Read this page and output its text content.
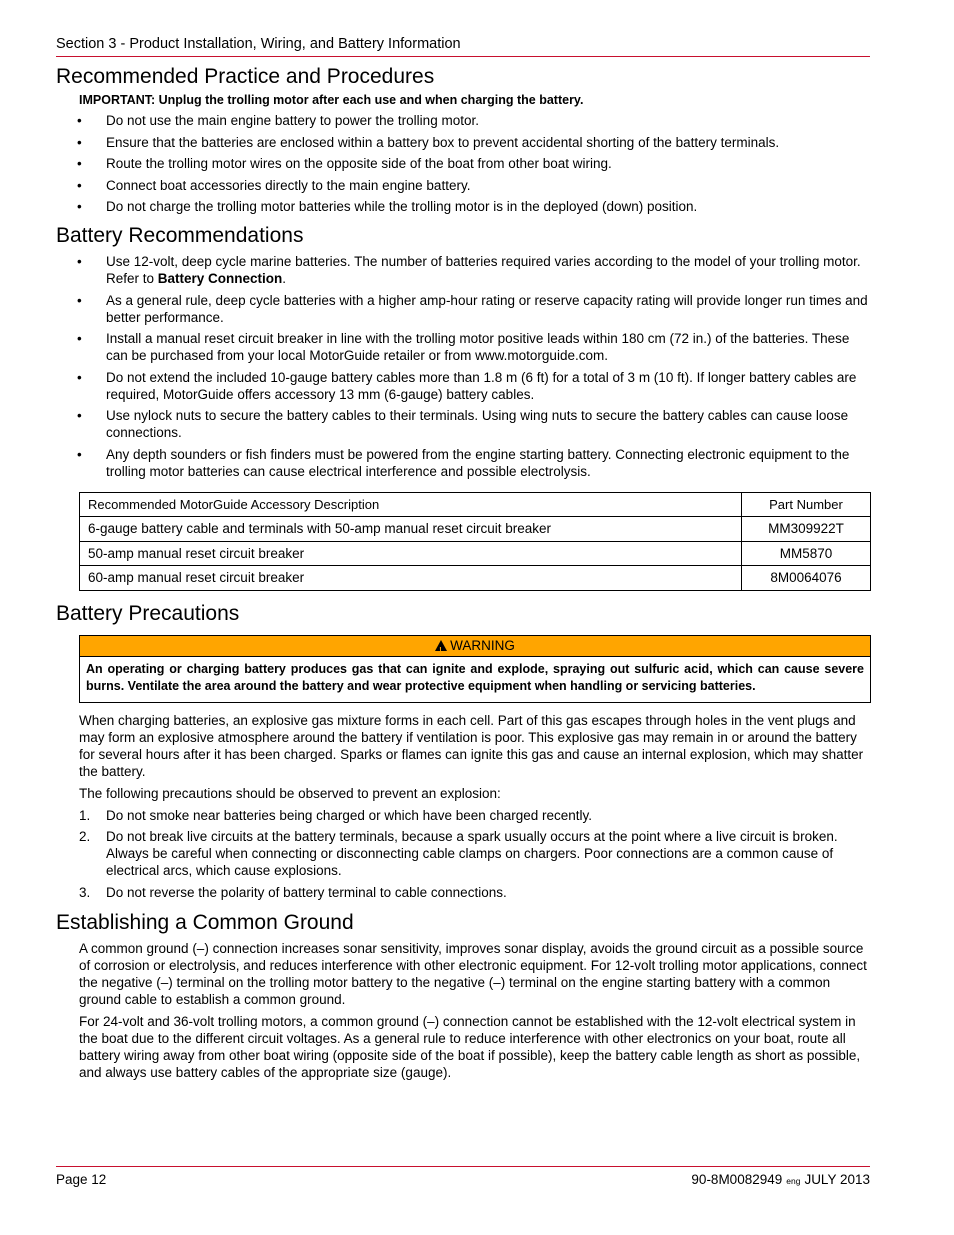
Section 3 - Product Installation, Wiring, and Battery Information
Recommended Practice and Procedures
IMPORTANT: Unplug the trolling motor after each use and when charging the battery.
• Do not use the main engine battery to power the trolling motor.
• Ensure that the batteries are enclosed within a battery box to prevent accidental shorting of the battery terminals.
• Route the trolling motor wires on the opposite side of the boat from other boat wiring.
• Connect boat accessories directly to the main engine battery.
• Do not charge the trolling motor batteries while the trolling motor is in the deployed (down) position.
Battery Recommendations
• Use 12‑volt, deep cycle marine batteries. The number of batteries required varies according to the model of your trolling motor. Refer to Battery Connection.
• As a general rule, deep cycle batteries with a higher amp‑hour rating or reserve capacity rating will provide longer run times and better performance.
• Install a manual reset circuit breaker in line with the trolling motor positive leads within 180 cm (72 in.) of the batteries. These can be purchased from your local MotorGuide retailer or from www.motorguide.com.
• Do not extend the included 10‑gauge battery cables more than 1.8 m (6 ft) for a total of 3 m (10 ft). If longer battery cables are required, MotorGuide offers accessory 13 mm (6‑gauge) battery cables.
• Use nylock nuts to secure the battery cables to their terminals. Using wing nuts to secure the battery cables can cause loose connections.
• Any depth sounders or fish finders must be powered from the engine starting battery. Connecting electronic equipment to the trolling motor batteries can cause electrical interference and possible electrolysis.
Recommended MotorGuide Accessory Description	Part Number
6‑gauge battery cable and terminals with 50‑amp manual reset circuit breaker	MM309922T
50‑amp manual reset circuit breaker	MM5870
60‑amp manual reset circuit breaker	8M0064076
Battery Precautions
!WARNING
An operating or charging battery produces gas that can ignite and explode, spraying out sulfuric acid, which can cause severe burns. Ventilate the area around the battery and wear protective equipment when handling or servicing batteries.

When charging batteries, an explosive gas mixture forms in each cell. Part of this gas escapes through holes in the vent plugs and may form an explosive atmosphere around the battery if ventilation is poor. This explosive gas may remain in or around the battery for several hours after it has been charged. Sparks or flames can ignite this gas and cause an internal explosion, which may shatter the battery.

The following precautions should be observed to prevent an explosion:

1. Do not smoke near batteries being charged or which have been charged recently.
2. Do not break live circuits at the battery terminals, because a spark usually occurs at the point where a live circuit is broken. Always be careful when connecting or disconnecting cable clamps on chargers. Poor connections are a common cause of electrical arcs, which cause explosions.
3. Do not reverse the polarity of battery terminal to cable connections.
Establishing a Common Ground

A common ground (–) connection increases sonar sensitivity, improves sonar display, avoids the ground circuit as a possible source of corrosion or electrolysis, and reduces interference with other electronic equipment. For 12‑volt trolling motor applications, connect the negative (–) terminal on the trolling motor battery to the negative (–) terminal on the engine starting battery with a common ground cable to establish a common ground.

For 24‑volt and 36‑volt trolling motors, a common ground (–) connection cannot be established with the 12‑volt electrical system in the boat due to the different circuit voltages. As a general rule to reduce interference with other electronics on your boat, route all battery wiring away from other boat wiring (opposite side of the boat if possible), keep the battery cable length as short as possible, and always use battery cables of the appropriate size (gauge).

Page 12	90-8M0082949 eng JULY 2013
